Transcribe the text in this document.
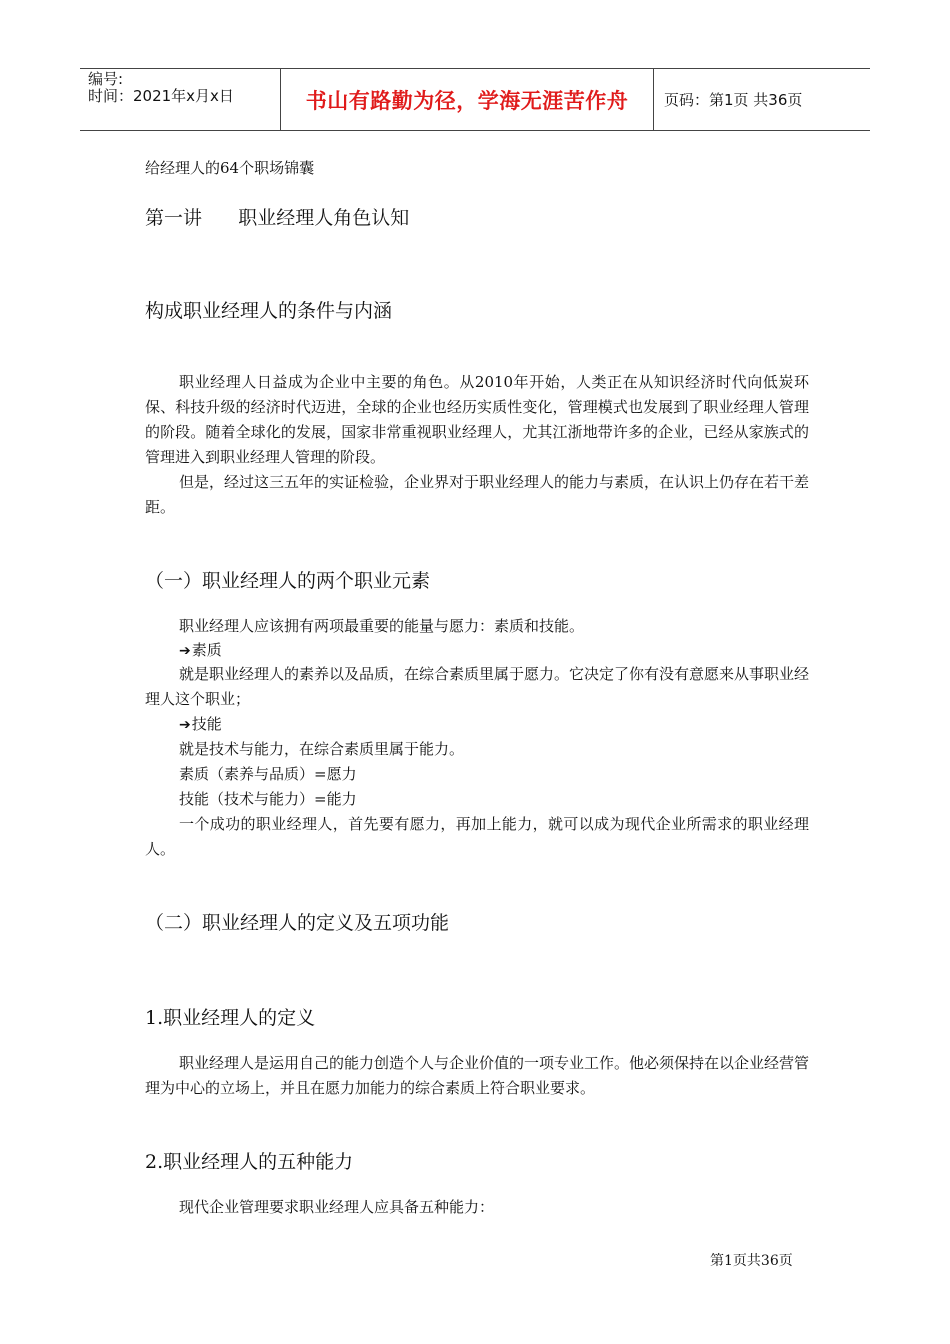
编号:
时间：2021年x月x日	书山有路勤为径，学海无涯苦作舟	页码：第1页 共36页
给经理人的64个职场锦囊
第一讲      职业经理人角色认知
构成职业经理人的条件与内涵
职业经理人日益成为企业中主要的角色。从2010年开始，人类正在从知识经济时代向低炭环保、科技升级的经济时代迈进，全球的企业也经历实质性变化，管理模式也发展到了职业经理人管理的阶段。随着全球化的发展，国家非常重视职业经理人，尤其江浙地带许多的企业，已经从家族式的管理进入到职业经理人管理的阶段。
但是，经过这三五年的实证检验，企业界对于职业经理人的能力与素质，在认识上仍存在若干差距。
（一）职业经理人的两个职业元素
职业经理人应该拥有两项最重要的能量与愿力：素质和技能。
➔素质
就是职业经理人的素养以及品质，在综合素质里属于愿力。它决定了你有没有意愿来从事职业经理人这个职业；
➔技能
就是技术与能力，在综合素质里属于能力。
素质（素养与品质）=愿力
技能（技术与能力）=能力
一个成功的职业经理人，首先要有愿力，再加上能力，就可以成为现代企业所需求的职业经理人。
（二）职业经理人的定义及五项功能
1.职业经理人的定义
职业经理人是运用自己的能力创造个人与企业价值的一项专业工作。他必须保持在以企业经营管理为中心的立场上，并且在愿力加能力的综合素质上符合职业要求。
2.职业经理人的五种能力
现代企业管理要求职业经理人应具备五种能力：
第1页共36页
